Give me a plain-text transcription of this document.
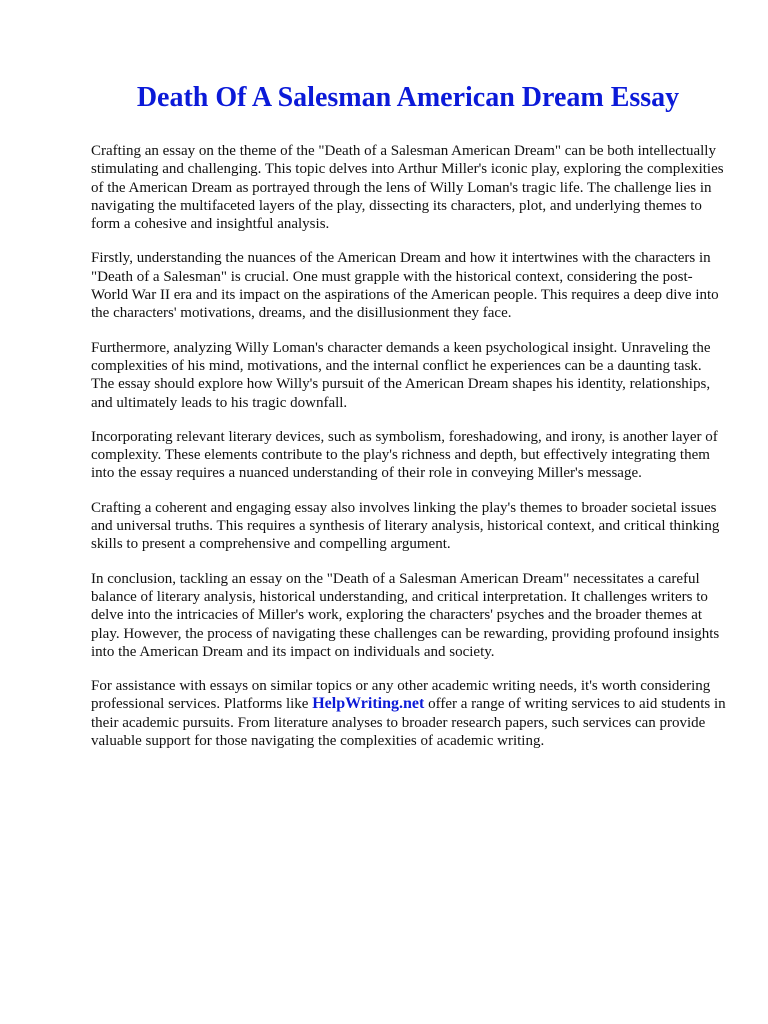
Death Of A Salesman American Dream Essay

Crafting an essay on the theme of the "Death of a Salesman American Dream" can be both intellectually stimulating and challenging. This topic delves into Arthur Miller's iconic play, exploring the complexities of the American Dream as portrayed through the lens of Willy Loman's tragic life. The challenge lies in navigating the multifaceted layers of the play, dissecting its characters, plot, and underlying themes to form a cohesive and insightful analysis.

Firstly, understanding the nuances of the American Dream and how it intertwines with the characters in "Death of a Salesman" is crucial. One must grapple with the historical context, considering the post-World War II era and its impact on the aspirations of the American people. This requires a deep dive into the characters' motivations, dreams, and the disillusionment they face.

Furthermore, analyzing Willy Loman's character demands a keen psychological insight. Unraveling the complexities of his mind, motivations, and the internal conflict he experiences can be a daunting task. The essay should explore how Willy's pursuit of the American Dream shapes his identity, relationships, and ultimately leads to his tragic downfall.

Incorporating relevant literary devices, such as symbolism, foreshadowing, and irony, is another layer of complexity. These elements contribute to the play's richness and depth, but effectively integrating them into the essay requires a nuanced understanding of their role in conveying Miller's message.

Crafting a coherent and engaging essay also involves linking the play's themes to broader societal issues and universal truths. This requires a synthesis of literary analysis, historical context, and critical thinking skills to present a comprehensive and compelling argument.

In conclusion, tackling an essay on the "Death of a Salesman American Dream" necessitates a careful balance of literary analysis, historical understanding, and critical interpretation. It challenges writers to delve into the intricacies of Miller's work, exploring the characters' psyches and the broader themes at play. However, the process of navigating these challenges can be rewarding, providing profound insights into the American Dream and its impact on individuals and society.

For assistance with essays on similar topics or any other academic writing needs, it's worth considering professional services. Platforms like HelpWriting.net offer a range of writing services to aid students in their academic pursuits. From literature analyses to broader research papers, such services can provide valuable support for those navigating the complexities of academic writing.
